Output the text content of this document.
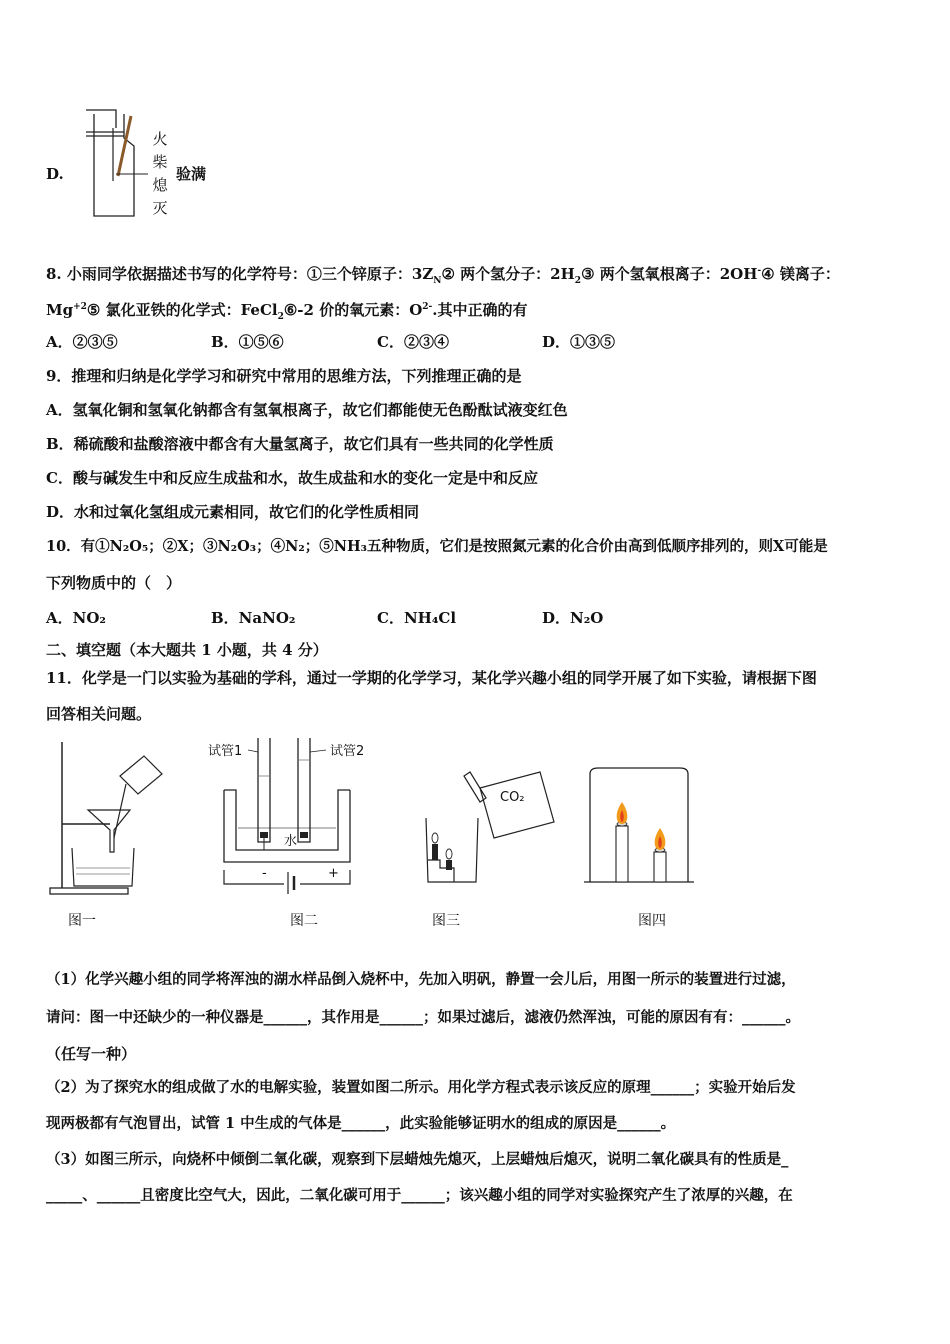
D.
火
柴
熄
灭
验满
8. 小雨同学依据描述书写的化学符号：①三个锌原子：$3Z_N②$ 两个氢分子：$2H_2③$ 两个氢氧根离子：2OH-④ 镁离子：
$Mg^{+2}⑤$ 氯化亚铁的化学式：FeCl$_2$⑥-2 价的氧元素：$O^{2-}$.其中正确的有
A．②③⑤	B．①⑤⑥	C．②③④	D．①③⑤
9．推理和归纳是化学学习和研究中常用的思维方法，下列推理正确的是
A．氢氧化铜和氢氧化钠都含有氢氧根离子，故它们都能使无色酚酞试液变红色
B．稀硫酸和盐酸溶液中都含有大量氢离子，故它们具有一些共同的化学性质
C．酸与碱发生中和反应生成盐和水，故生成盐和水的变化一定是中和反应
D．水和过氧化氢组成元素相同，故它们的化学性质相同
10．有①N₂O₅；②X；③N₂O₃；④N₂；⑤NH₃五种物质，它们是按照氮元素的化合价由高到低顺序排列的，则X可能是
下列物质中的（　）
A．NO₂	B．NaNO₂	C．NH₄Cl	D．N₂O
二、填空题（本大题共 1 小题，共 4 分）
11．化学是一门以实验为基础的学科，通过一学期的化学学习，某化学兴趣小组的同学开展了如下实验，请根据下图
回答相关问题。
图一
试管1	试管2
水
-	+
图二
CO₂
图三	图四
（1）化学兴趣小组的同学将浑浊的湖水样品倒入烧杯中，先加入明矾，静置一会儿后，用图一所示的装置进行过滤，
请问：图一中还缺少的一种仪器是______，其作用是______；如果过滤后，滤液仍然浑浊，可能的原因有有：______。
（任写一种）
（2）为了探究水的组成做了水的电解实验，装置如图二所示。用化学方程式表示该反应的原理______；实验开始后发
现两极都有气泡冒出，试管 1 中生成的气体是______，此实验能够证明水的组成的原因是______。
（3）如图三所示，向烧杯中倾倒二氧化碳，观察到下层蜡烛先熄灭，上层蜡烛后熄灭，说明二氧化碳具有的性质是_
_____、______且密度比空气大，因此，二氧化碳可用于______；该兴趣小组的同学对实验探究产生了浓厚的兴趣，在
